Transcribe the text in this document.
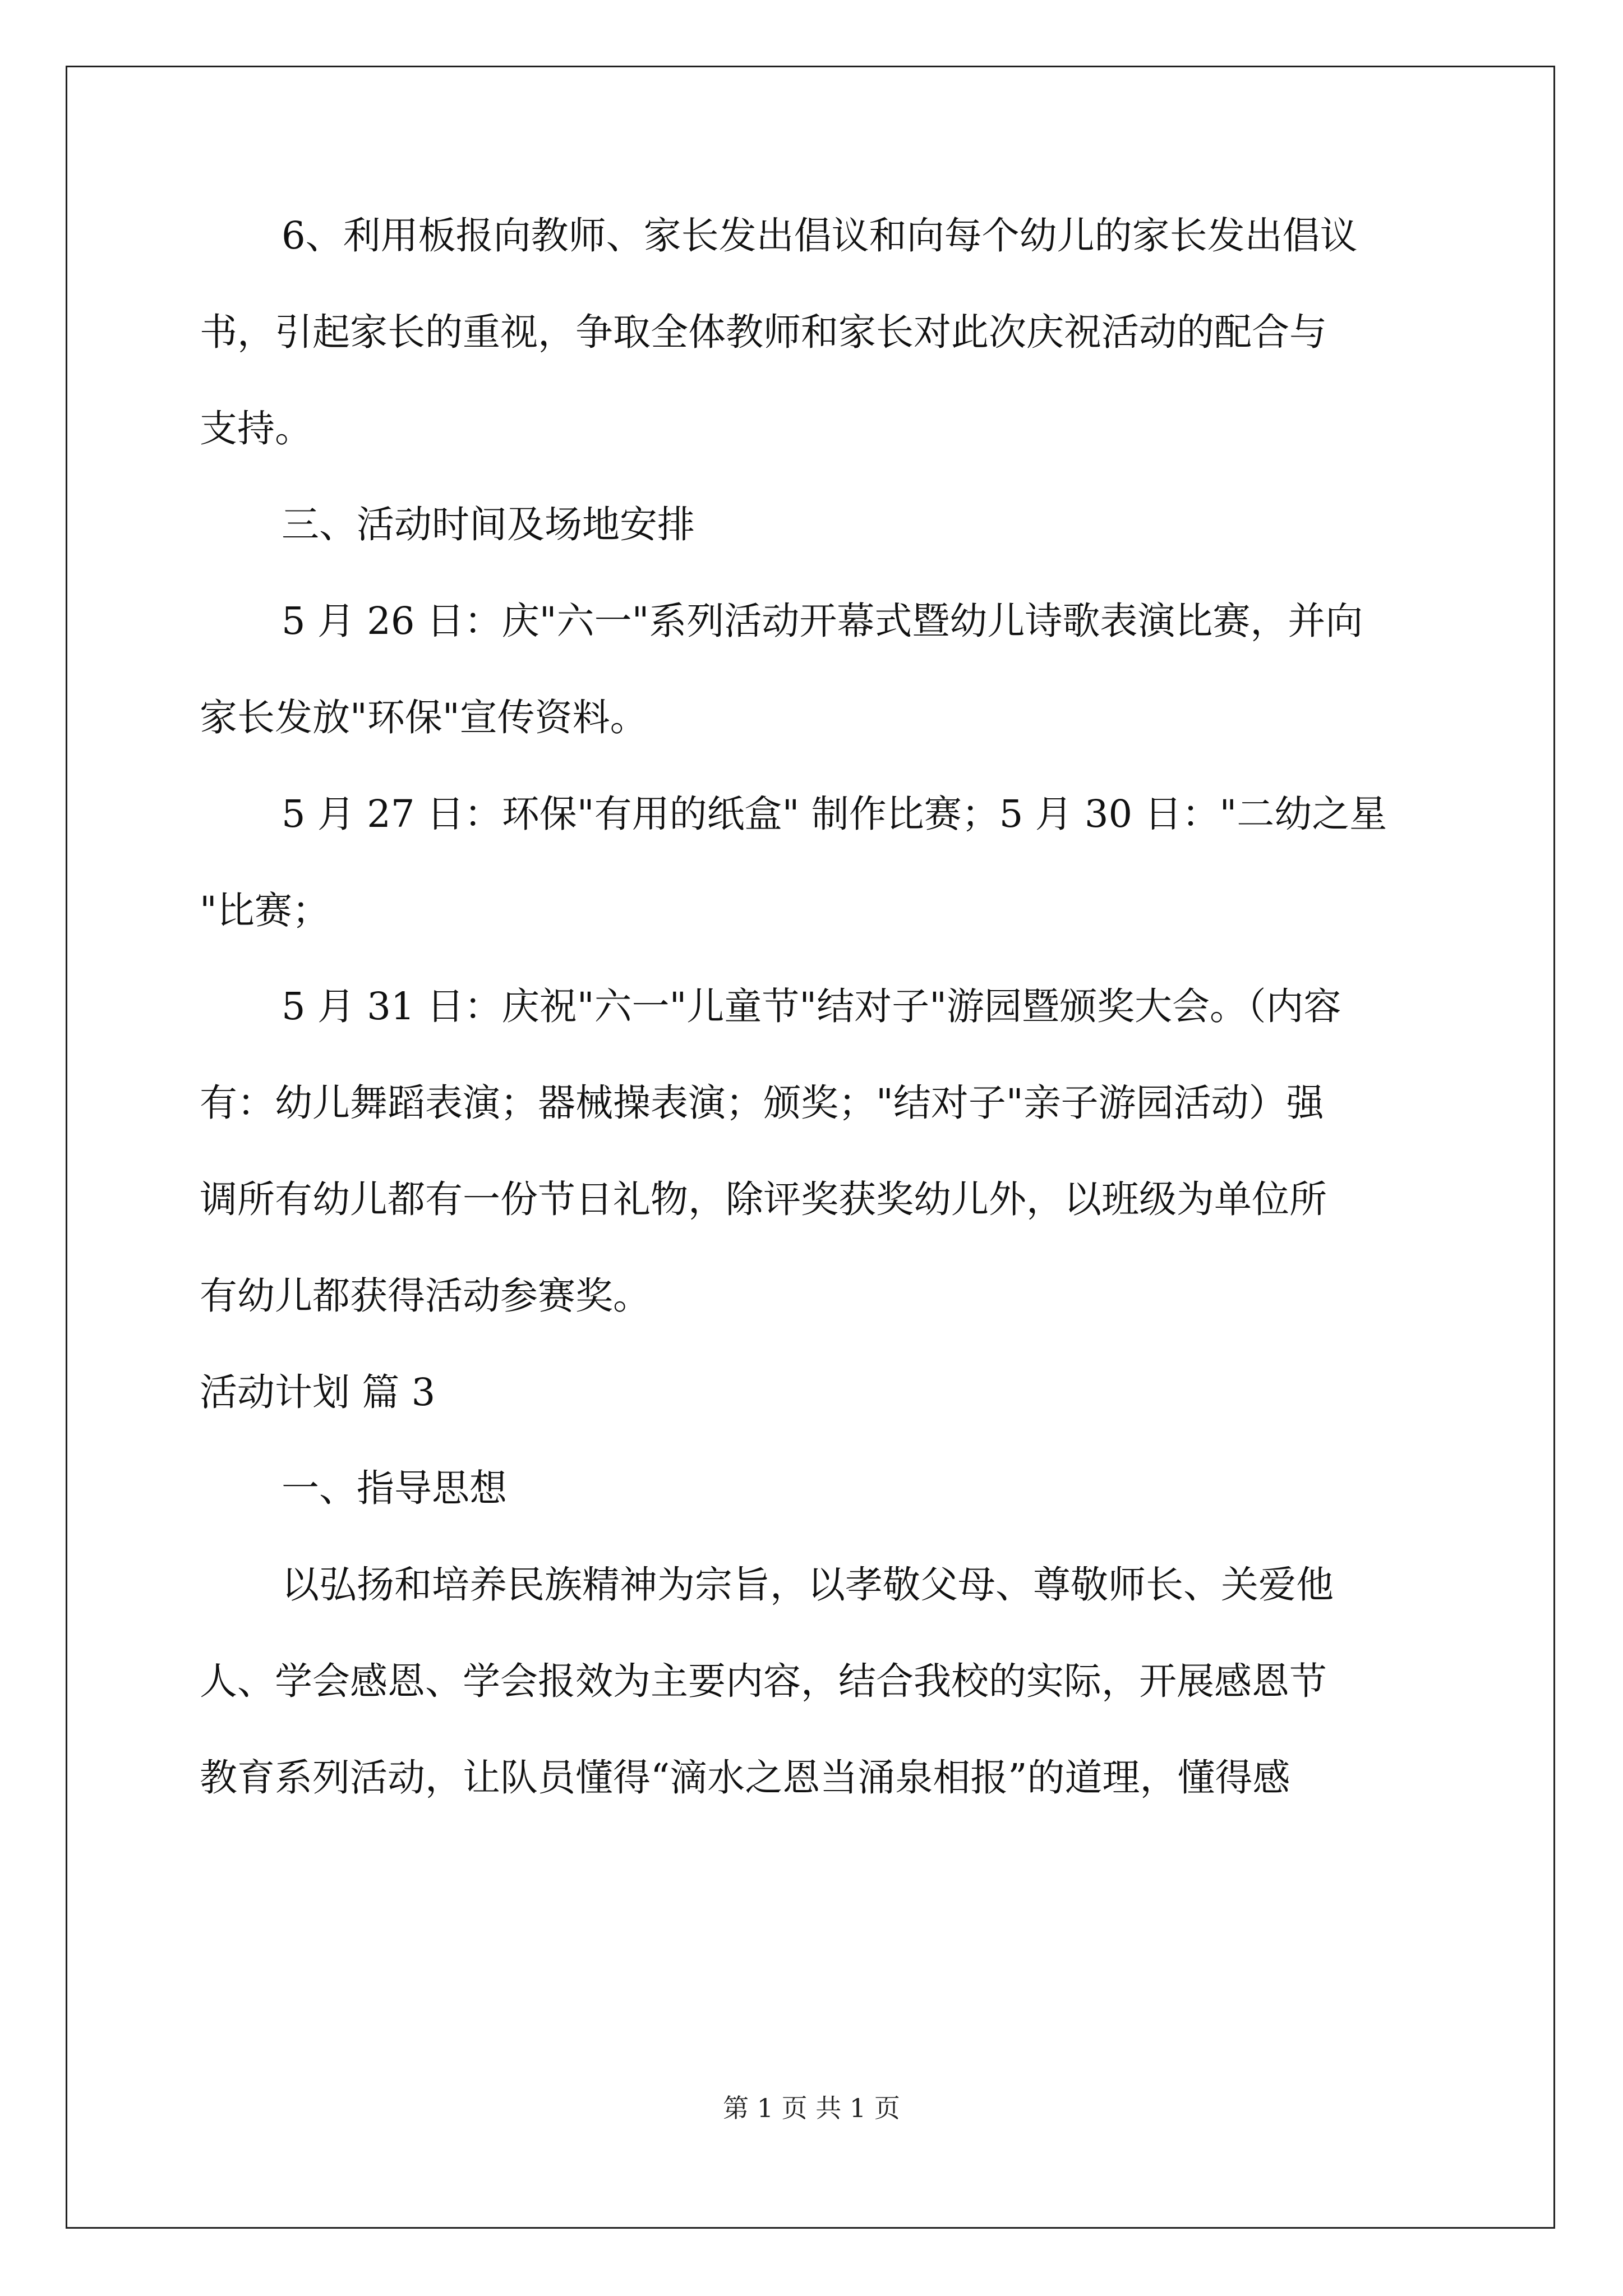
6、利用板报向教师、家长发出倡议和向每个幼儿的家长发出倡议
书，引起家长的重视，争取全体教师和家长对此次庆祝活动的配合与
支持。
三、活动时间及场地安排
5 月 26 日：庆"六一"系列活动开幕式暨幼儿诗歌表演比赛，并向
家长发放"环保"宣传资料。
5 月 27 日：环保"有用的纸盒" 制作比赛；5 月 30 日："二幼之星
"比赛；
5 月 31 日：庆祝"六一"儿童节"结对子"游园暨颁奖大会。（内容
有：幼儿舞蹈表演；器械操表演；颁奖；"结对子"亲子游园活动）强
调所有幼儿都有一份节日礼物，除评奖获奖幼儿外，以班级为单位所
有幼儿都获得活动参赛奖。
活动计划 篇 3
一、指导思想
以弘扬和培养民族精神为宗旨，以孝敬父母、尊敬师长、关爱他
人、学会感恩、学会报效为主要内容，结合我校的实际，开展感恩节
教育系列活动，让队员懂得“滴水之恩当涌泉相报”的道理，懂得感
第 1 页 共 1 页
